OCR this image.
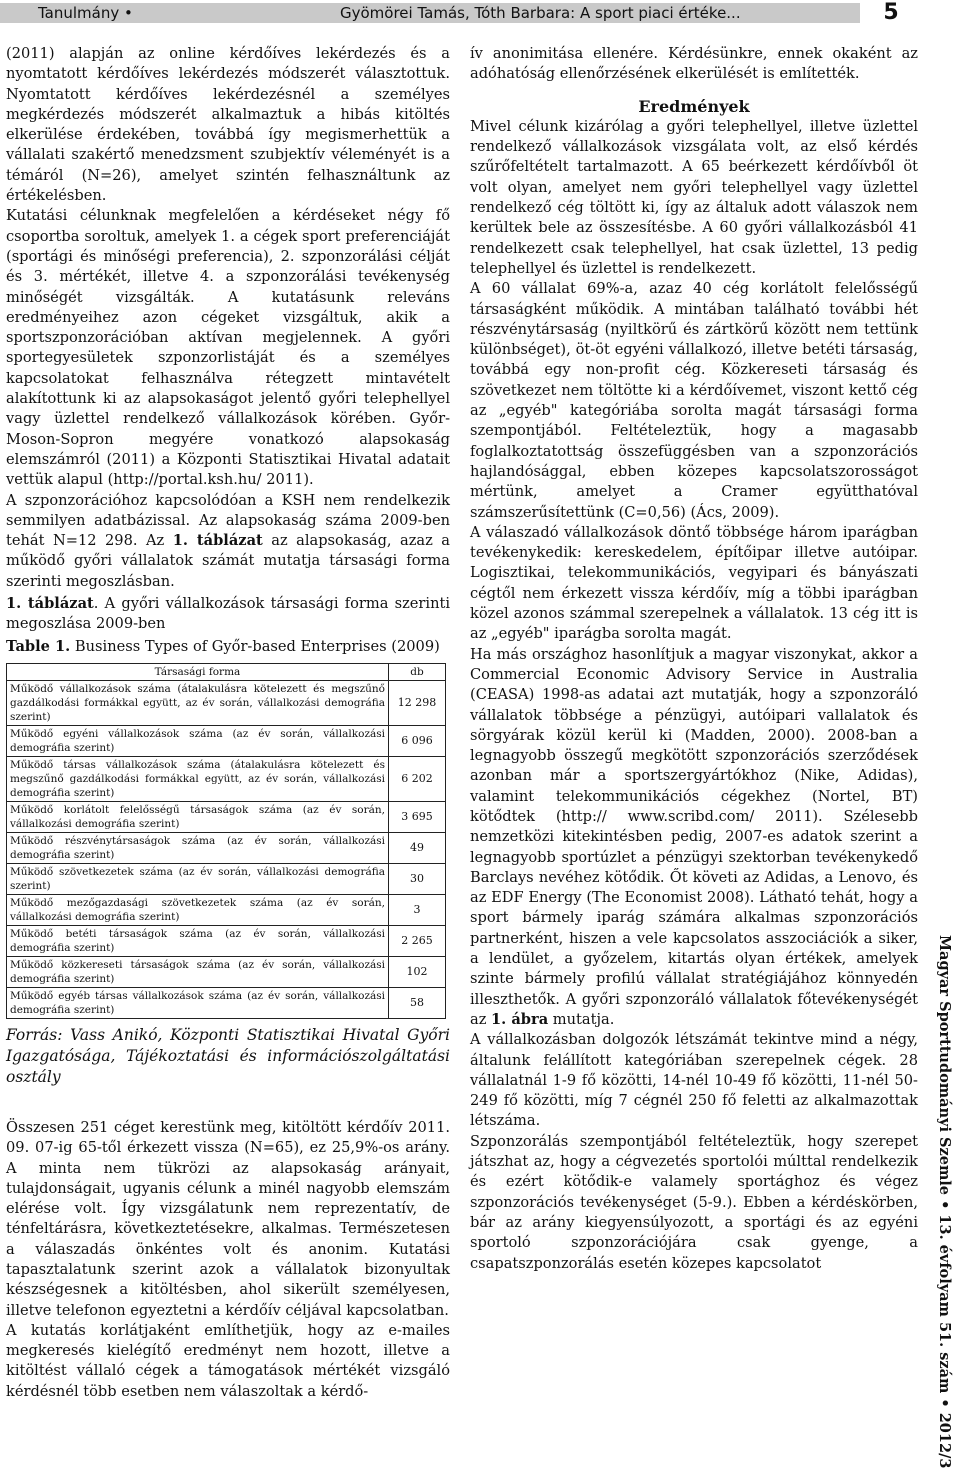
Tanulmány •	Gyömörei Tamás, Tóth Barbara: A sport piaci értéke...	5

(2011) alapján az online kérdőíves lekérdezés és a nyomtatott kérdőíves lekérdezés módszerét választottuk. Nyomtatott kérdőíves lekérdezésnél a személyes megkérdezés módszerét alkalmaztuk a hibás kitöltés elkerülése érdekében, továbbá így megismerhettük a vállalati szakértő menedzsment szubjektív véleményét is a témáról (N=26), amelyet szintén felhasználtunk az értékelésben.

Kutatási célunknak megfelelően a kérdéseket négy fő csoportba soroltuk, amelyek 1. a cégek sport preferenciáját (sportági és minőségi preferencia), 2. szponzorálási célját és 3. mértékét, illetve 4. a szponzorálási tevékenység minőségét vizsgálták. A kutatásunk releváns eredményeihez azon cégeket vizsgáltuk, akik a sportszponzorációban aktívan megjelennek. A győri sportegyesületek szponzorlistáját és a személyes kapcsolatokat felhasználva rétegzett mintavételt alakítottunk ki az alapsokaságot jelentő győri telephellyel vagy üzlettel rendelkező vállalkozások körében. Győr-Moson-Sopron megyére vonatkozó alapsokaság elemszámról (2011) a Központi Statisztikai Hivatal adatait vettük alapul (http://portal.ksh.hu/ 2011).

A szponzorációhoz kapcsolódóan a KSH nem rendelkezik semmilyen adatbázissal. Az alapsokaság száma 2009-ben tehát N=12 298. Az 1. táblázat az alapsokaság, azaz a működő győri vállalatok számát mutatja társasági forma szerinti megoszlásban.

1. táblázat. A győri vállalkozások társasági forma szerinti megoszlása 2009-ben

Table 1. Business Types of Győr-based Enterprises (2009)

Társasági forma	db
Működő vállalkozások száma (átalakulásra kötelezett és megszűnő gazdálkodási formákkal együtt, az év során, vállalkozási demográfia szerint)	12 298
Működő egyéni vállalkozások száma (az év során, vállalkozási demográfia szerint)	6 096
Működő társas vállalkozások száma (átalakulásra kötelezett és megszűnő gazdálkodási formákkal együtt, az év során, vállalkozási demográfia szerint)	6 202
Működő korlátolt felelősségű társaságok száma (az év során, vállalkozási demográfia szerint)	3 695
Működő részvénytársaságok száma (az év során, vállalkozási demográfia szerint)	49
Működő szövetkezetek száma (az év során, vállalkozási demográfia szerint)	30
Működő mezőgazdasági szövetkezetek száma (az év során, vállalkozási demográfia szerint)	3
Működő betéti társaságok száma (az év során, vállalkozási demográfia szerint)	2 265
Működő közkereseti társaságok száma (az év során, vállalkozási demográfia szerint)	102
Működő egyéb társas vállalkozások száma (az év során, vállalkozási demográfia szerint)	58

Forrás: Vass Anikó, Központi Statisztikai Hivatal Győri Igazgatósága, Tájékoztatási és információszolgáltatási osztály

Összesen 251 céget kerestünk meg, kitöltött kérdőív 2011. 09. 07-ig 65-től érkezett vissza (N=65), ez 25,9%-os arány. A minta nem tükrözi az alapsokaság arányait, tulajdonságait, ugyanis célunk a minél nagyobb elemszám elérése volt. Így vizsgálatunk nem reprezentatív, de ténfeltárásra, következtetésekre, alkalmas. Természetesen a válaszadás önkéntes volt és anonim. Kutatási tapasztalatunk szerint azok a vállalatok bizonyultak készségesnek a kitöltésben, ahol sikerült személyesen, illetve telefonon egyeztetni a kérdőív céljával kapcsolatban.

A kutatás korlátjaként említhetjük, hogy az e-mailes megkeresés kielégítő eredményt nem hozott, illetve a kitöltést vállaló cégek a támogatások mértékét vizsgáló kérdésnél több esetben nem válaszoltak a kérdő-

ív anonimitása ellenére. Kérdésünkre, ennek okaként az adóhatóság ellenőrzésének elkerülését is említették.

Eredmények

Mivel célunk kizárólag a győri telephellyel, illetve üzlettel rendelkező vállalkozások vizsgálata volt, az első kérdés szűrőfeltételt tartalmazott. A 65 beérkezett kérdőívből öt volt olyan, amelyet nem győri telephellyel vagy üzlettel rendelkező cég töltött ki, így az általuk adott válaszok nem kerültek bele az összesítésbe. A 60 győri vállalkozásból 41 rendelkezett csak telephellyel, hat csak üzlettel, 13 pedig telephellyel és üzlettel is rendelkezett.

A 60 vállalat 69%-a, azaz 40 cég korlátolt felelősségű társaságként működik. A mintában található további hét részvénytársaság (nyiltkörű és zártkörű között nem tettünk különbséget), öt-öt egyéni vállalkozó, illetve betéti társaság, továbbá egy non-profit cég. Közkereseti társaság és szövetkezet nem töltötte ki a kérdőívemet, viszont kettő cég az „egyéb" kategóriába sorolta magát társasági forma szempontjából. Feltételeztük, hogy a magasabb foglalkoztatottság összefüggésben van a szponzorációs hajlandósággal, ebben közepes kapcsolatszorosságot mértünk, amelyet a Cramer együtthatóval számszerűsítettünk (C=0,56) (Ács, 2009).

A válaszadó vállalkozások döntő többsége három iparágban tevékenykedik: kereskedelem, építőipar illetve autóipar. Logisztikai, telekommunikációs, vegyipari és bányászati cégtől nem érkezett vissza kérdőív, míg a többi iparágban közel azonos számmal szerepelnek a vállalatok. 13 cég itt is az „egyéb" iparágba sorolta magát.

Ha más országhoz hasonlítjuk a magyar viszonykat, akkor a Commercial Economic Advisory Service in Australia (CEASA) 1998-as adatai azt mutatják, hogy a szponzoráló vállalatok többsége a pénzügyi, autóipari vallalatok és sörgyárak közül kerül ki (Madden, 2000). 2008-ban a legnagyobb összegű megkötött szponzorációs szerződések azonban már a sportszergyártókhoz (Nike, Adidas), valamint telekommunikációs cégekhez (Nortel, BT) kötődtek (http:// www.scribd.com/ 2011). Szélesebb nemzetközi kitekintésben pedig, 2007-es adatok szerint a legnagyobb sportúzlet a pénzügyi szektorban tevékenykedő Barclays nevéhez kötődik. Őt követi az Adidas, a Lenovo, és az EDF Energy (The Economist 2008). Látható tehát, hogy a sport bármely iparág számára alkalmas szponzorációs partnerként, hiszen a vele kapcsolatos asszociációk a siker, a lendület, a győzelem, kitartás olyan értékek, amelyek szinte bármely profilú vállalat stratégiájához könnyedén illeszthetők. A győri szponzoráló vállalatok főtevékenységét az 1. ábra mutatja.

A vállalkozásban dolgozók létszámát tekintve mind a négy, általunk felállított kategóriában szerepelnek cégek. 28 vállalatnál 1-9 fő közötti, 14-nél 10-49 fő közötti, 11-nél 50-249 fő közötti, míg 7 cégnél 250 fő feletti az alkalmazottak létszáma.

Szponzorálás szempontjából feltételeztük, hogy szerepet játszhat az, hogy a cégvezetés sportolói múlttal rendelkezik és ezért kötődik-e valamely sportághoz és végez szponzorációs tevékenységet (5-9.). Ebben a kérdéskörben, bár az arány kiegyensúlyozott, a sportági és az egyéni sportoló szponzorációjára csak gyenge, a csapatszponzorálás esetén közepes kapcsolatot	Magyar Sporttudományi Szemle • 13. évfolyam 51. szám • 2012/3
